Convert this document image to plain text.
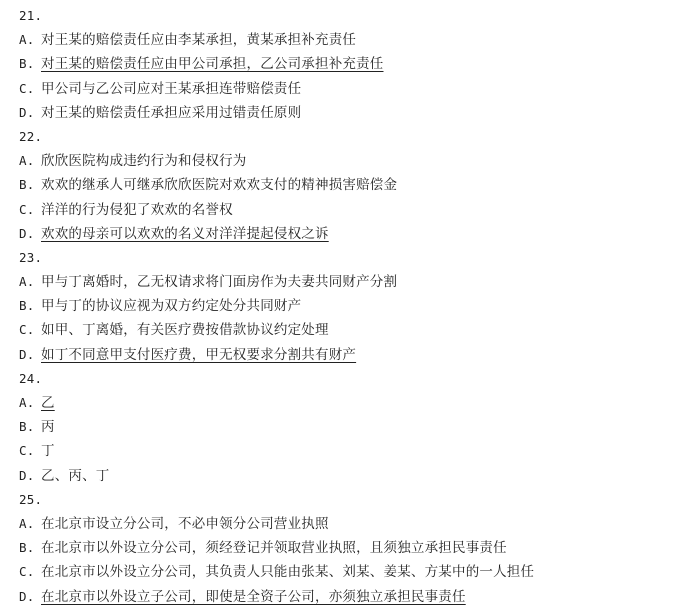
21.
A. 对王某的赔偿责任应由李某承担，黄某承担补充责任
B. 对王某的赔偿责任应由甲公司承担，乙公司承担补充责任
C. 甲公司与乙公司应对王某承担连带赔偿责任
D. 对王某的赔偿责任承担应采用过错责任原则
22.
A. 欣欣医院构成违约行为和侵权行为
B. 欢欢的继承人可继承欣欣医院对欢欢支付的精神损害赔偿金
C. 洋洋的行为侵犯了欢欢的名誉权
D. 欢欢的母亲可以欢欢的名义对洋洋提起侵权之诉
23.
A. 甲与丁离婚时，乙无权请求将门面房作为夫妻共同财产分割
B. 甲与丁的协议应视为双方约定处分共同财产
C. 如甲、丁离婚，有关医疗费按借款协议约定处理
D. 如丁不同意甲支付医疗费，甲无权要求分割共有财产
24.
A. 乙
B. 丙
C. 丁
D. 乙、丙、丁
25.
A. 在北京市设立分公司，不必申领分公司营业执照
B. 在北京市以外设立分公司，须经登记并领取营业执照，且须独立承担民事责任
C. 在北京市以外设立分公司，其负责人只能由张某、刘某、姜某、方某中的一人担任
D. 在北京市以外设立子公司，即使是全资子公司，亦须独立承担民事责任
